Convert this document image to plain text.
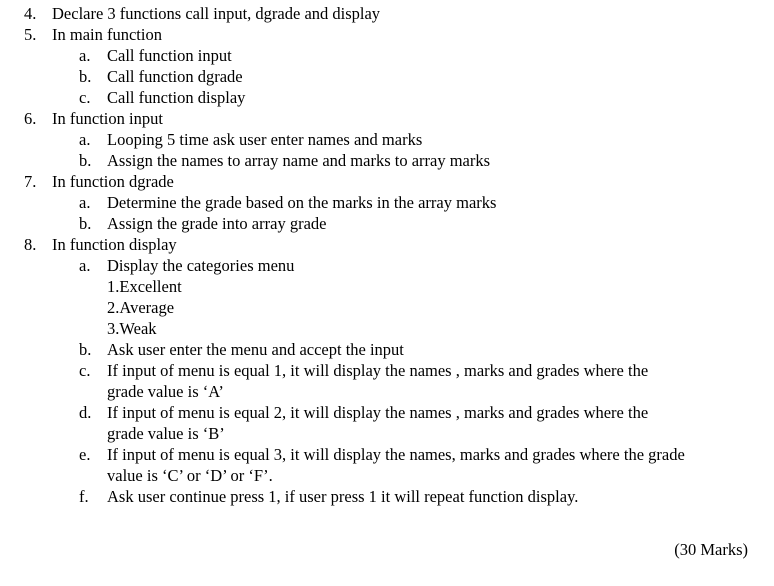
4. Declare 3 functions call input, dgrade and display
5. In main function
a.	Call function input
b. Call function dgrade
c.	Call function display
6. In function input
a.	Looping 5 time ask user enter names and marks
b. Assign the names to array name and marks to array marks
7. In function dgrade
a.	Determine the grade based on the marks in the array marks
b. Assign the grade into array grade
8. In function display
a.	Display the categories menu
1.Excellent
2.Average
3.Weak
b. Ask user enter the menu and accept the input
c.	If input of menu is equal 1, it will display the names , marks and grades where the
grade value is ‘A’
d. If input of menu is equal 2, it will display the names , marks and grades where the
grade value is ‘B’
e.	If input of menu is equal 3, it will display the names, marks and grades where the grade
value is ‘C’ or ‘D’ or ‘F’.
f.	Ask user continue press 1, if user press 1 it will repeat function display.
(30 Marks)
